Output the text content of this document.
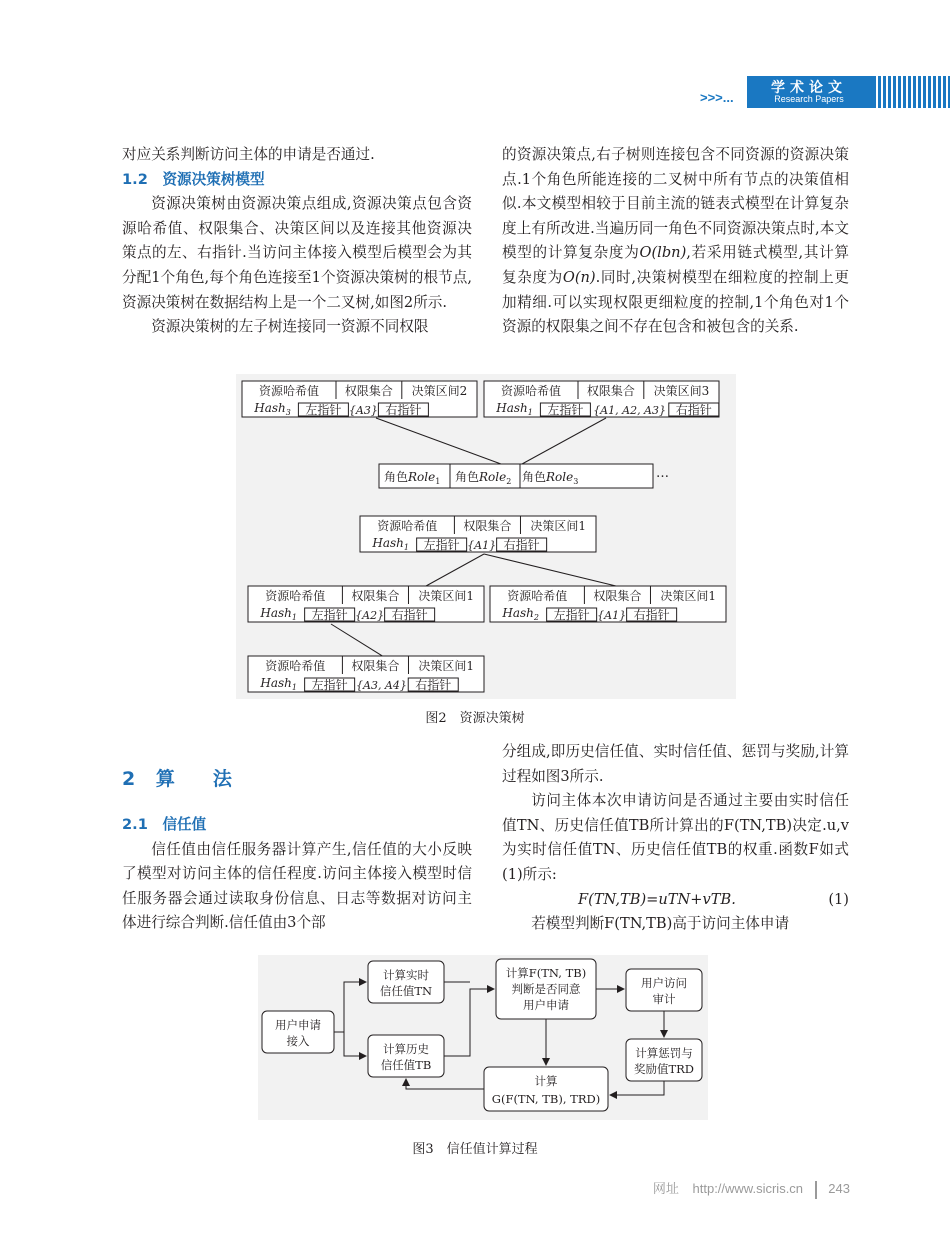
>>>...
学术论文
Research Papers

对应关系判断访问主体的申请是否通过.

1.2　资源决策树模型

资源决策树由资源决策点组成,资源决策点包含资源哈希值、权限集合、决策区间以及连接其他资源决策点的左、右指针.当访问主体接入模型后模型会为其分配1个角色,每个角色连接至1个资源决策树的根节点,资源决策树在数据结构上是一个二叉树,如图2所示.

资源决策树的左子树连接同一资源不同权限

的资源决策点,右子树则连接包含不同资源的资源决策点.1个角色所能连接的二叉树中所有节点的决策值相似.本文模型相较于目前主流的链表式模型在计算复杂度上有所改进.当遍历同一角色不同资源决策点时,本文模型的计算复杂度为O(lbn),若采用链式模型,其计算复杂度为O(n).同时,决策树模型在细粒度的控制上更加精细.可以实现权限更细粒度的控制,1个角色对1个资源的权限集之间不存在包含和被包含的关系.

资源哈希值 权限集合 决策区间2
Hash$_3$ 左指针 {A3} 右指针
资源哈希值 权限集合 决策区间3
Hash$_1$ 左指针 {A1, A2, A3} 右指针
资源哈希值 权限集合 决策区间1
Hash$_1$ 左指针 {A1} 右指针
资源哈希值 权限集合 决策区间1
Hash$_1$ 左指针 {A2} 右指针
资源哈希值 权限集合 决策区间1
Hash$_2$ 左指针 {A1} 右指针
资源哈希值 权限集合 决策区间1
Hash$_1$ 左指针 {A3, A4} 右指针
角色Role$_1$ 角色Role$_2$ 角色Role$_3$
…
图2　资源决策树
2 算　　法

2.1　信任值

信任值由信任服务器计算产生,信任值的大小反映了模型对访问主体的信任程度.访问主体接入模型时信任服务器会通过读取身份信息、日志等数据对访问主体进行综合判断.信任值由3个部

分组成,即历史信任值、实时信任值、惩罚与奖励,计算过程如图3所示.

访问主体本次申请访问是否通过主要由实时信任值TN、历史信任值TB所计算出的F(TN,TB)决定.u,v为实时信任值TN、历史信任值TB的权重.函数F如式(1)所示:

F(TN,TB)=uTN+vTB.	(1)

若模型判断F(TN,TB)高于访问主体申请

用户申请
接入
计算实时
信任值TN
计算历史
信任值TB
计算F(TN, TB)
判断是否同意
用户申请
用户访问
审计
计算惩罚与
奖励值TRD
计算
G(F(TN, TB), TRD)
图3　信任值计算过程
网址 http://www.sicris.cn 243
